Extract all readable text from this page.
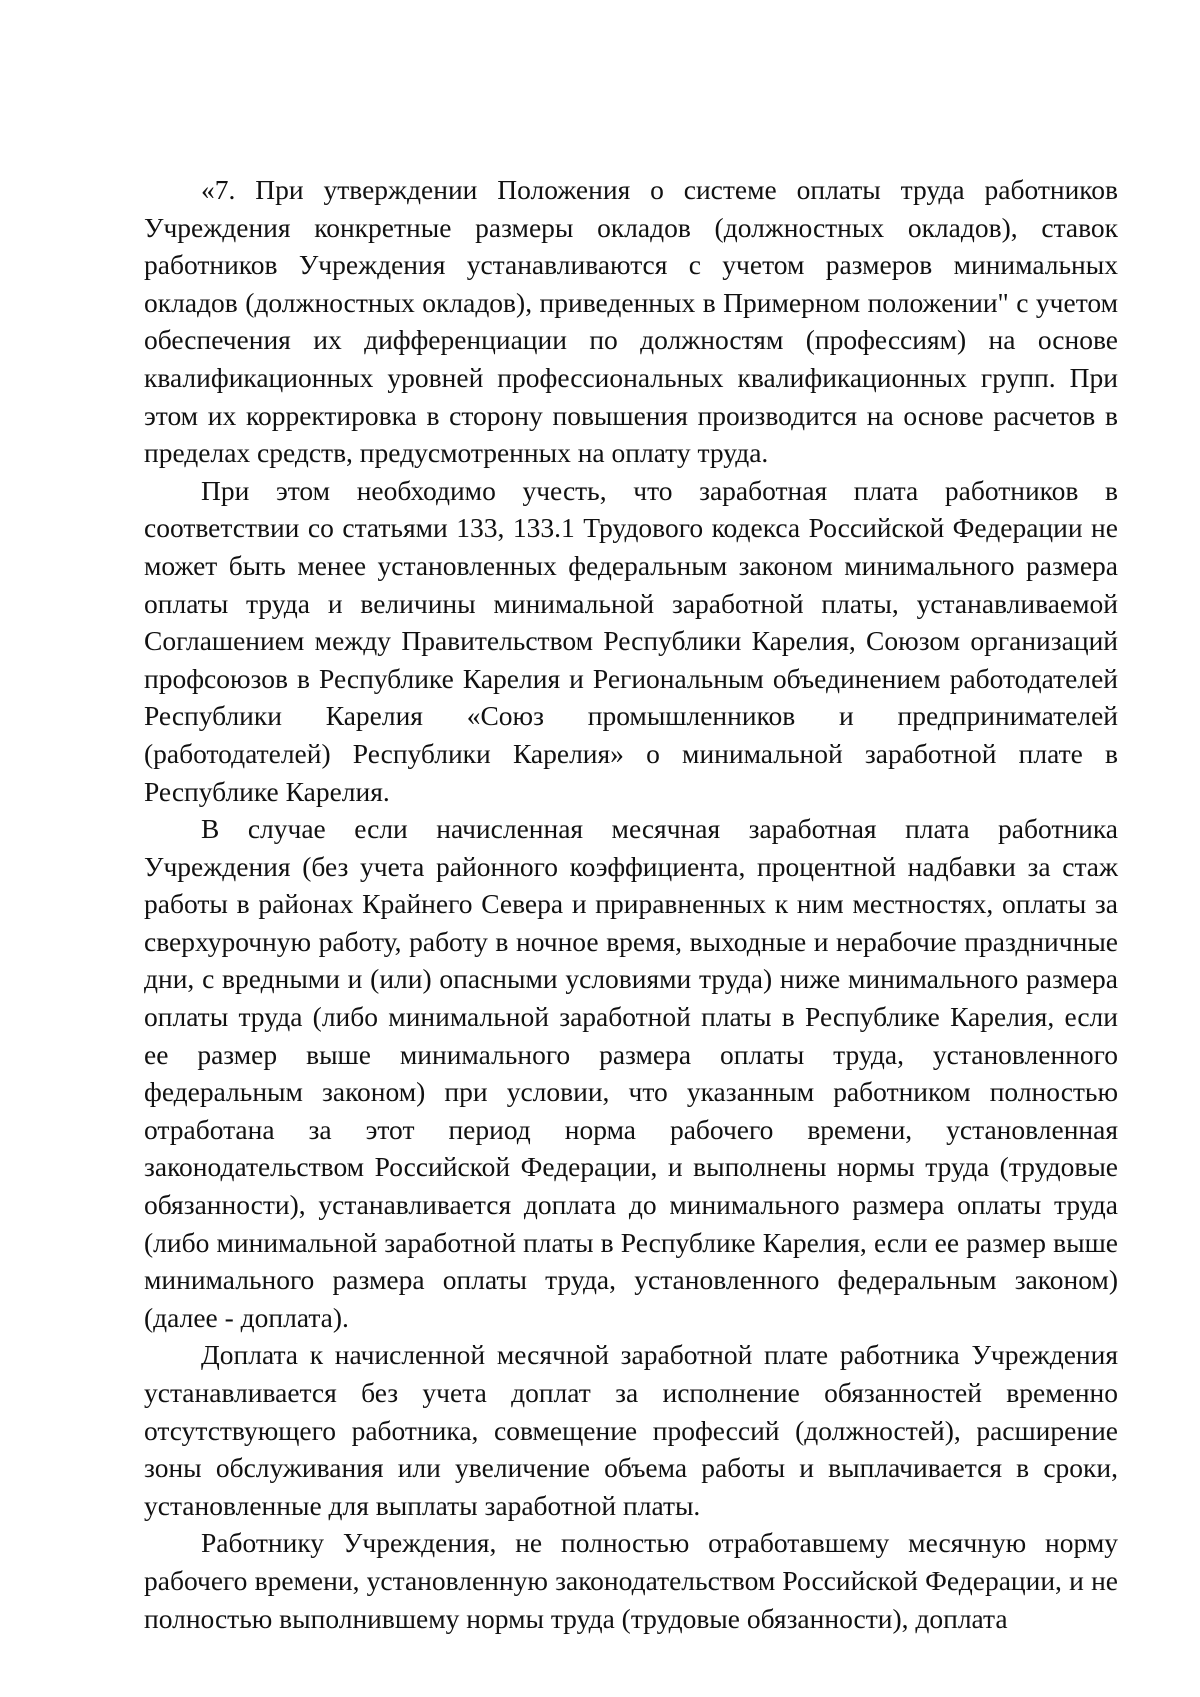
«7. При утверждении Положения о системе оплаты труда работников Учреждения конкретные размеры окладов (должностных окладов), ставок работников Учреждения устанавливаются с учетом размеров минимальных окладов (должностных окладов), приведенных в Примерном положении" с учетом обеспечения их дифференциации по должностям (профессиям) на основе квалификационных уровней профессиональных квалификационных групп. При этом их корректировка в сторону повышения производится на основе расчетов в пределах средств, предусмотренных на оплату труда.

При этом необходимо учесть, что заработная плата работников в соответствии со статьями 133, 133.1 Трудового кодекса Российской Федерации не может быть менее установленных федеральным законом минимального размера оплаты труда и величины минимальной заработной платы, устанавливаемой Соглашением между Правительством Республики Карелия, Союзом организаций профсоюзов в Республике Карелия и Региональным объединением работодателей Республики Карелия «Союз промышленников и предпринимателей (работодателей) Республики Карелия» о минимальной заработной плате в Республике Карелия.

В случае если начисленная месячная заработная плата работника Учреждения (без учета районного коэффициента, процентной надбавки за стаж работы в районах Крайнего Севера и приравненных к ним местностях, оплаты за сверхурочную работу, работу в ночное время, выходные и нерабочие праздничные дни, с вредными и (или) опасными условиями труда) ниже минимального размера оплаты труда (либо минимальной заработной платы в Республике Карелия, если ее размер выше минимального размера оплаты труда, установленного федеральным законом) при условии, что указанным работником полностью отработана за этот период норма рабочего времени, установленная законодательством Российской Федерации, и выполнены нормы труда (трудовые обязанности), устанавливается доплата до минимального размера оплаты труда (либо минимальной заработной платы в Республике Карелия, если ее размер выше минимального размера оплаты труда, установленного федеральным законом) (далее - доплата).

Доплата к начисленной месячной заработной плате работника Учреждения устанавливается без учета доплат за исполнение обязанностей временно отсутствующего работника, совмещение профессий (должностей), расширение зоны обслуживания или увеличение объема работы и выплачивается в сроки, установленные для выплаты заработной платы.

Работнику Учреждения, не полностью отработавшему месячную норму рабочего времени, установленную законодательством Российской Федерации, и не полностью выполнившему нормы труда (трудовые обязанности), доплата
